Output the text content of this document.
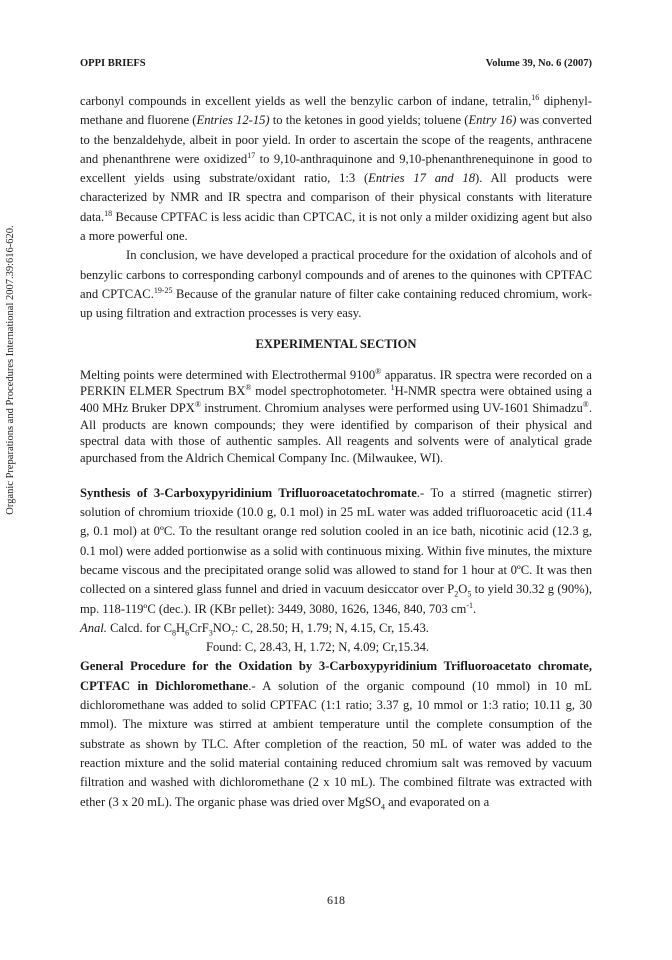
OPPI BRIEFS	Volume 39, No. 6 (2007)
Organic Preparations and Procedures International 2007.39:616-620.

carbonyl compounds in excellent yields as well the benzylic carbon of indane, tetralin,$^{16}$ diphenyl-methane and fluorene (Entries 12-15) to the ketones in good yields; toluene (Entry 16) was converted to the benzaldehyde, albeit in poor yield. In order to ascertain the scope of the reagents, anthracene and phenanthrene were oxidized$^{17}$ to 9,10-anthraquinone and 9,10-phenanthrenequinone in good to excellent yields using substrate/oxidant ratio, 1:3 (Entries 17 and 18). All products were characterized by NMR and IR spectra and comparison of their physical constants with literature data.$^{18}$ Because CPTFAC is less acidic than CPTCAC, it is not only a milder oxidizing agent but also a more powerful one.

In conclusion, we have developed a practical procedure for the oxidation of alcohols and of benzylic carbons to corresponding carbonyl compounds and of arenes to the quinones with CPTFAC and CPTCAC.$^{19-25}$ Because of the granular nature of filter cake containing reduced chromium, work-up using filtration and extraction processes is very easy.

EXPERIMENTAL SECTION

Melting points were determined with Electrothermal 9100® apparatus. IR spectra were recorded on a PERKIN ELMER Spectrum BX® model spectrophotometer. $^1$H-NMR spectra were obtained using a 400 MHz Bruker DPX® instrument. Chromium analyses were performed using UV-1601 Shimadzu®. All products are known compounds; they were identified by comparison of their physical and spectral data with those of authentic samples. All reagents and solvents were of analytical grade apurchased from the Aldrich Chemical Company Inc. (Milwaukee, WI).

Synthesis of 3-Carboxypyridinium Trifluoroacetatochromate.- To a stirred (magnetic stirrer) solution of chromium trioxide (10.0 g, 0.1 mol) in 25 mL water was added trifluoroacetic acid (11.4 g, 0.1 mol) at 0ºC. To the resultant orange red solution cooled in an ice bath, nicotinic acid (12.3 g, 0.1 mol) were added portionwise as a solid with continuous mixing. Within five minutes, the mixture became viscous and the precipitated orange solid was allowed to stand for 1 hour at 0ºC. It was then collected on a sintered glass funnel and dried in vacuum desiccator over $P_2O_5$ to yield 30.32 g (90%), mp. 118-119ºC (dec.). IR (KBr pellet): 3449, 3080, 1626, 1346, 840, 703 $cm^{-1}$.

Anal. Calcd. for $C_8H_6CrF_3NO_7$: C, 28.50; H, 1.79; N, 4.15, Cr, 15.43.

Found: C, 28.43, H, 1.72; N, 4.09; Cr,15.34.

General Procedure for the Oxidation by 3-Carboxypyridinium Trifluoroacetato chromate, CPTFAC in Dichloromethane.- A solution of the organic compound (10 mmol) in 10 mL dichloromethane was added to solid CPTFAC (1:1 ratio; 3.37 g, 10 mmol or 1:3 ratio; 10.11 g, 30 mmol). The mixture was stirred at ambient temperature until the complete consumption of the substrate as shown by TLC. After completion of the reaction, 50 mL of water was added to the reaction mixture and the solid material containing reduced chromium salt was removed by vacuum filtration and washed with dichloromethane (2 x 10 mL). The combined filtrate was extracted with ether (3 x 20 mL). The organic phase was dried over MgSO$_4$ and evaporated on a

618
